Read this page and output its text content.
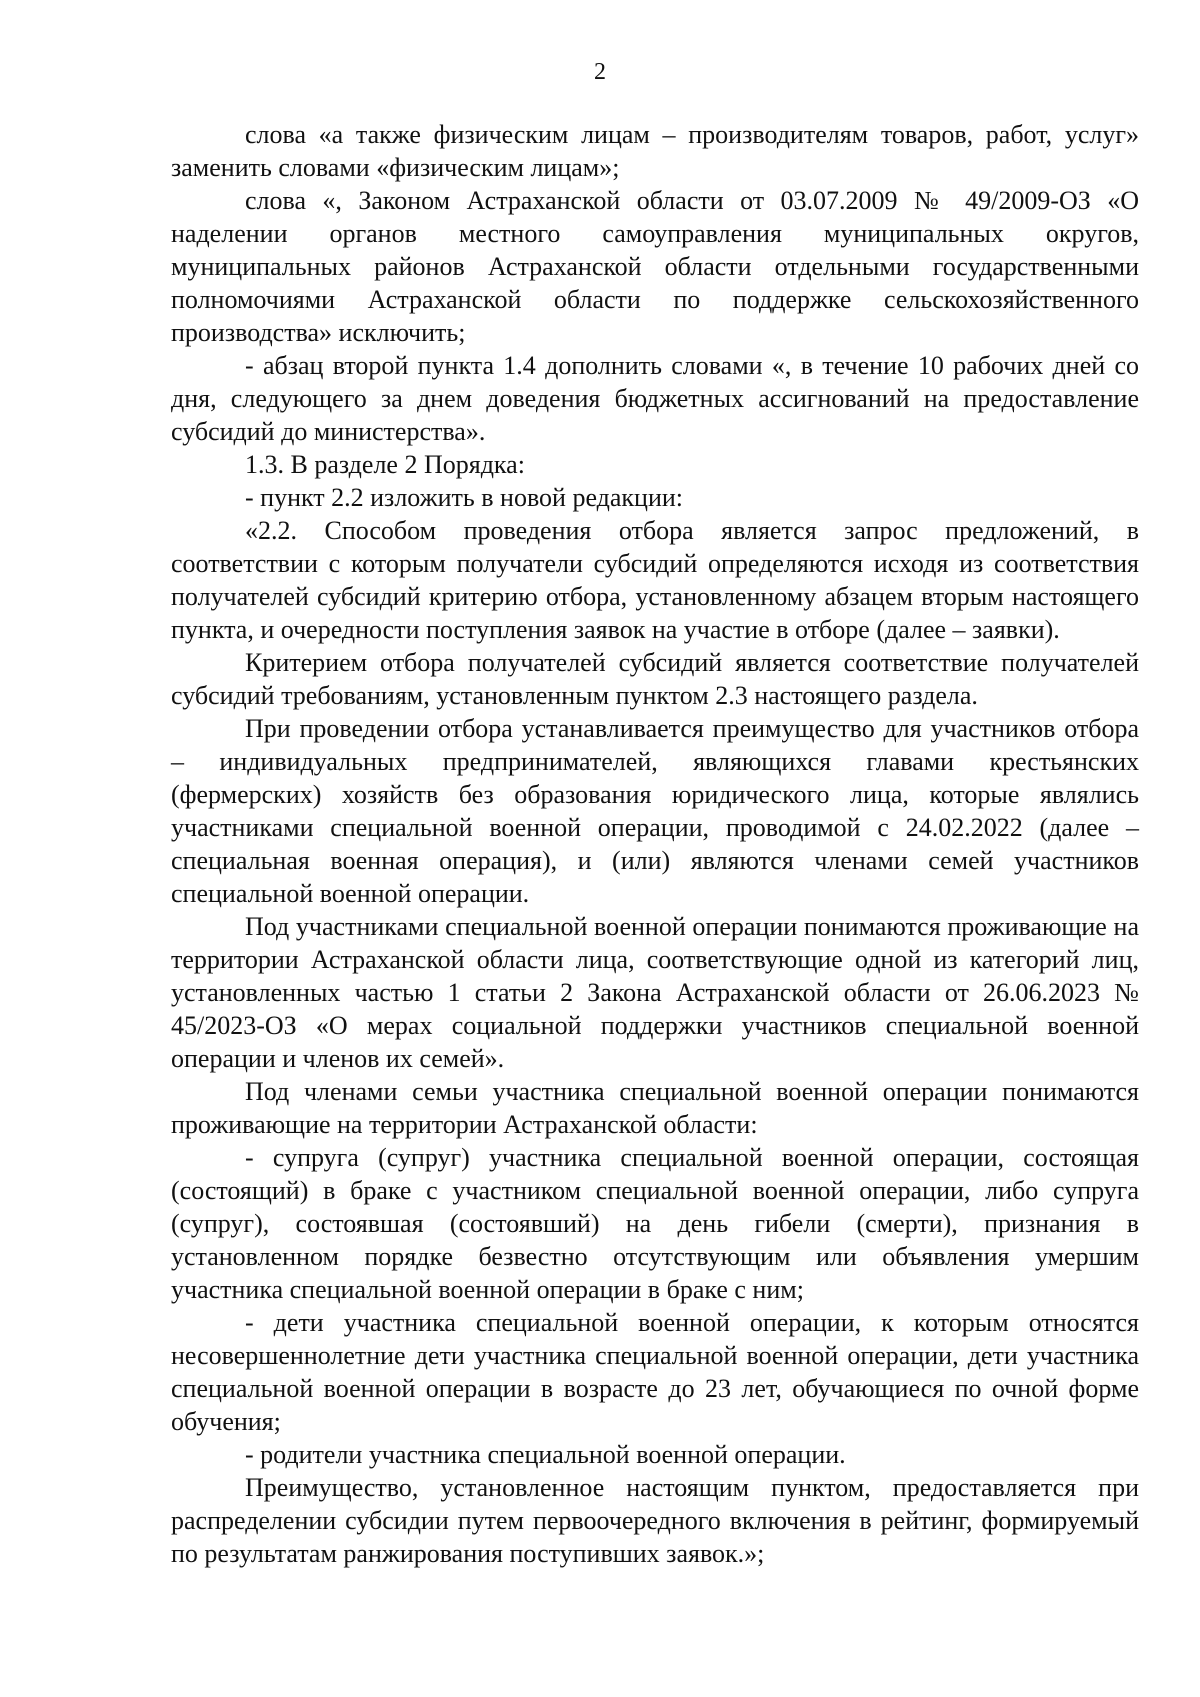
2

слова «а также физическим лицам – производителям товаров, работ, услуг» заменить словами «физическим лицам»;

слова «, Законом Астраханской области от 03.07.2009 № 49/2009-ОЗ «О наделении органов местного самоуправления муниципальных округов, муниципальных районов Астраханской области отдельными государственными полномочиями Астраханской области по поддержке сельскохозяйственного производства» исключить;

- абзац второй пункта 1.4 дополнить словами «, в течение 10 рабочих дней со дня, следующего за днем доведения бюджетных ассигнований на предоставление субсидий до министерства».

1.3. В разделе 2 Порядка:

- пункт 2.2 изложить в новой редакции:

«2.2. Способом проведения отбора является запрос предложений, в соответствии с которым получатели субсидий определяются исходя из соответствия получателей субсидий критерию отбора, установленному абзацем вторым настоящего пункта, и очередности поступления заявок на участие в отборе (далее – заявки).

Критерием отбора получателей субсидий является соответствие получателей субсидий требованиям, установленным пунктом 2.3 настоящего раздела.

При проведении отбора устанавливается преимущество для участников отбора – индивидуальных предпринимателей, являющихся главами крестьянских (фермерских) хозяйств без образования юридического лица, которые являлись участниками специальной военной операции, проводимой с 24.02.2022 (далее – специальная военная операция), и (или) являются членами семей участников специальной военной операции.

Под участниками специальной военной операции понимаются проживающие на территории Астраханской области лица, соответствующие одной из категорий лиц, установленных частью 1 статьи 2 Закона Астраханской области от 26.06.2023 № 45/2023-ОЗ «О мерах социальной поддержки участников специальной военной операции и членов их семей».

Под членами семьи участника специальной военной операции понимаются проживающие на территории Астраханской области:

- супруга (супруг) участника специальной военной операции, состоящая (состоящий) в браке с участником специальной военной операции, либо супруга (супруг), состоявшая (состоявший) на день гибели (смерти), признания в установленном порядке безвестно отсутствующим или объявления умершим участника специальной военной операции в браке с ним;

- дети участника специальной военной операции, к которым относятся несовершеннолетние дети участника специальной военной операции, дети участника специальной военной операции в возрасте до 23 лет, обучающиеся по очной форме обучения;

- родители участника специальной военной операции.

Преимущество, установленное настоящим пунктом, предоставляется при распределении субсидии путем первоочередного включения в рейтинг, формируемый по результатам ранжирования поступивших заявок.»;
